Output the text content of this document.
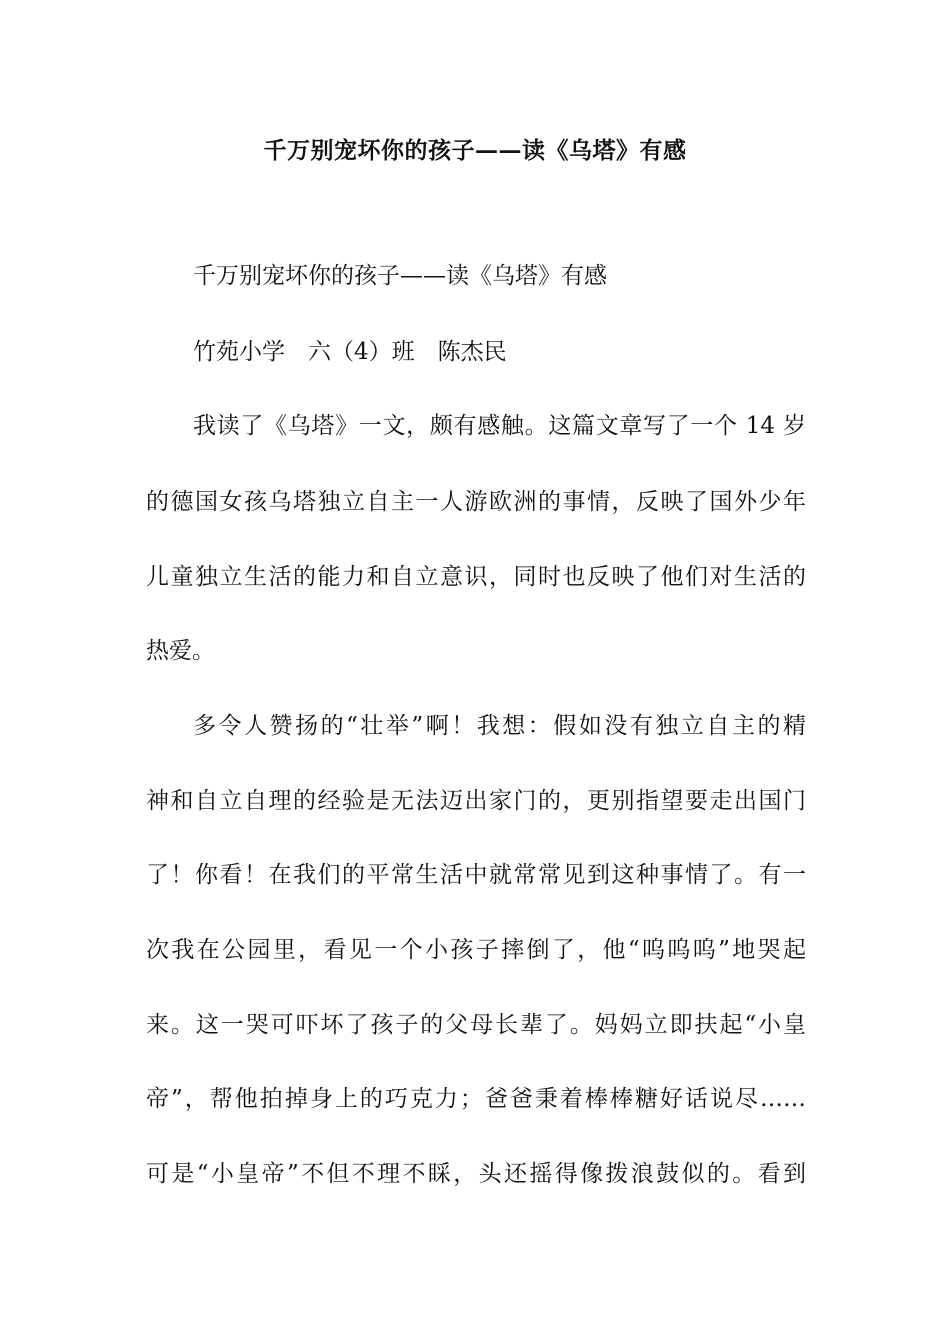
千万别宠坏你的孩子——读《乌塔》有感

千万别宠坏你的孩子——读《乌塔》有感

竹苑小学　六（4）班　陈杰民

我读了《乌塔》一文，颇有感触。这篇文章写了一个 14 岁

的德国女孩乌塔独立自主一人游欧洲的事情，反映了国外少年

儿童独立生活的能力和自立意识，同时也反映了他们对生活的

热爱。

多令人赞扬的“壮举”啊！我想：假如没有独立自主的精

神和自立自理的经验是无法迈出家门的，更别指望要走出国门

了！你看！在我们的平常生活中就常常见到这种事情了。有一

次我在公园里，看见一个小孩子摔倒了，他“呜呜呜”地哭起

来。这一哭可吓坏了孩子的父母长辈了。妈妈立即扶起“小皇

帝”，帮他拍掉身上的巧克力；爸爸秉着棒棒糖好话说尽……

可是“小皇帝”不但不理不睬，头还摇得像拨浪鼓似的。看到
